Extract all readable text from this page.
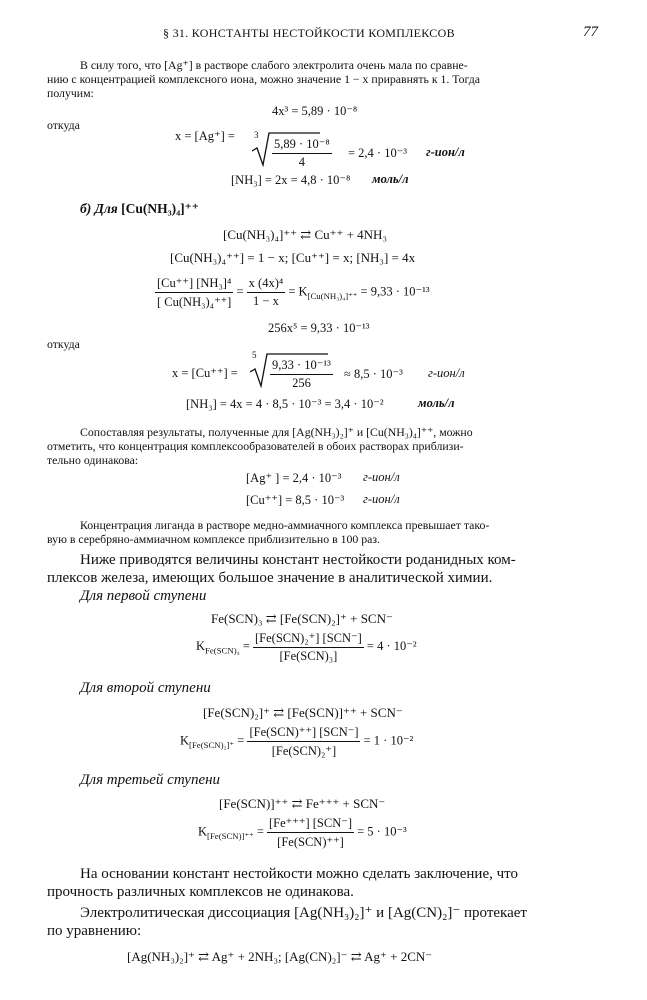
§ 31. КОНСТАНТЫ НЕСТОЙКОСТИ КОМПЛЕКСОВ	77
В силу того, что [Ag⁺] в растворе слабого электролита очень мала по сравне-
нию с концентрацией комплексного иона, можно значение 1 − x приравнять к 1. Тогда
получим:
4x³ = 5,89 · 10⁻⁸
откуда
x = [Ag⁺] = 3
$\frac{\text{5,89 · 10⁻⁸}}{4} = 2,4 \cdot 10^{-3}$ г-ион/л
[NH₃] = 2x = 4,8 · 10⁻⁸ моль/л
б) Для [Cu(NH₃)₄]⁺⁺
[Cu(NH₃)₄]⁺⁺ ⇄ Cu⁺⁺ + 4NH₃
[Cu(NH₃)₄⁺⁺] = 1 − x; [Cu⁺⁺] = x; [NH₃] = 4x
$\frac{\text{[Cu⁺⁺] [NH₃]⁴}}{\text{[ Cu(NH₃)₄⁺⁺]}} = \frac{\text{x (4x)⁴}}{1 - x} = K_{[Cu(NH_3)_4]^{++}} = 9,33 \cdot 10^{-13}$
256x⁵ = 9,33 · 10⁻¹³
откуда
x = [Cu⁺⁺] =
5
$\frac{\text{9,33 · 10⁻¹³}}{256} \approx 8,5 \cdot 10^{-3}$ г-ион/л
[NH₃] = 4x = 4 · 8,5 · 10⁻³ = 3,4 · 10⁻²	моль/л
Сопоставляя результаты, полученные для [Ag(NH₃)₂]⁺ и [Cu(NH₃)₄]⁺⁺, можно
отметить, что концентрация комплексообразователей в обоих растворах приблизи-
тельно одинакова:
[Ag⁺ ] = 2,4 · 10⁻³ г-ион/л
[Cu⁺⁺] = 8,5 · 10⁻³ г-ион/л
Концентрация лиганда в растворе медно-аммиачного комплекса превышает тако-
вую в серебряно-аммиачном комплексе приблизительно в 100 раз.
Ниже приводятся величины констант нестойкости роданидных ком-
плексов железа, имеющих большое значение в аналитической химии.
Для первой ступени
Fe(SCN)₃ ⇄ [Fe(SCN)₂]⁺ + SCN⁻
$K_{Fe(SCN)_3} = \frac{\text{[Fe(SCN)₂⁺] [SCN⁻]}}{\text{[Fe(SCN)₃]}} = 4 \cdot 10^{-2}$
Для второй ступени
[Fe(SCN)₂]⁺ ⇄ [Fe(SCN)]⁺⁺ + SCN⁻
$K_{[Fe(SCN)_2]^+} = \frac{\text{[Fe(SCN)⁺⁺] [SCN⁻]}}{\text{[Fe(SCN)₂⁺]}} = 1 \cdot 10^{-2}$
Для третьей ступени
[Fe(SCN)]⁺⁺ ⇄ Fe⁺⁺⁺ + SCN⁻
$K_{[Fe(SCN)]^{++}} = \frac{\text{[Fe⁺⁺⁺] [SCN⁻]}}{\text{[Fe(SCN)⁺⁺]}} = 5 \cdot 10^{-3}$
На основании констант нестойкости можно сделать заключение, что
прочность различных комплексов не одинакова.
Электролитическая диссоциация [Ag(NH₃)₂]⁺ и [Ag(CN)₂]⁻ протекает
по уравнению:
[Ag(NH₃)₂]⁺ ⇄ Ag⁺ + 2NH₃; [Ag(CN)₂]⁻ ⇄ Ag⁺ + 2CN⁻
